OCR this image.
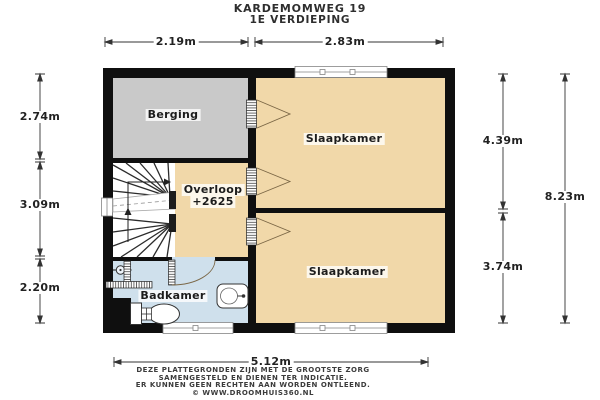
KARDEMOMWEG 19
1E VERDIEPING
Berging
Slaapkamer
Overloop
+2625
Slaapkamer
Badkamer
2.19m	2.83m
2.74m
3.09m
2.20m
4.39m
3.74m
8.23m
5.12m
DEZE PLATTEGRONDEN ZIJN MET DE GROOTSTE ZORG
SAMENGESTELD EN DIENEN TER INDICATIE.
ER KUNNEN GEEN RECHTEN AAN WORDEN ONTLEEND.
© WWW.DROOMHUIS360.NL
